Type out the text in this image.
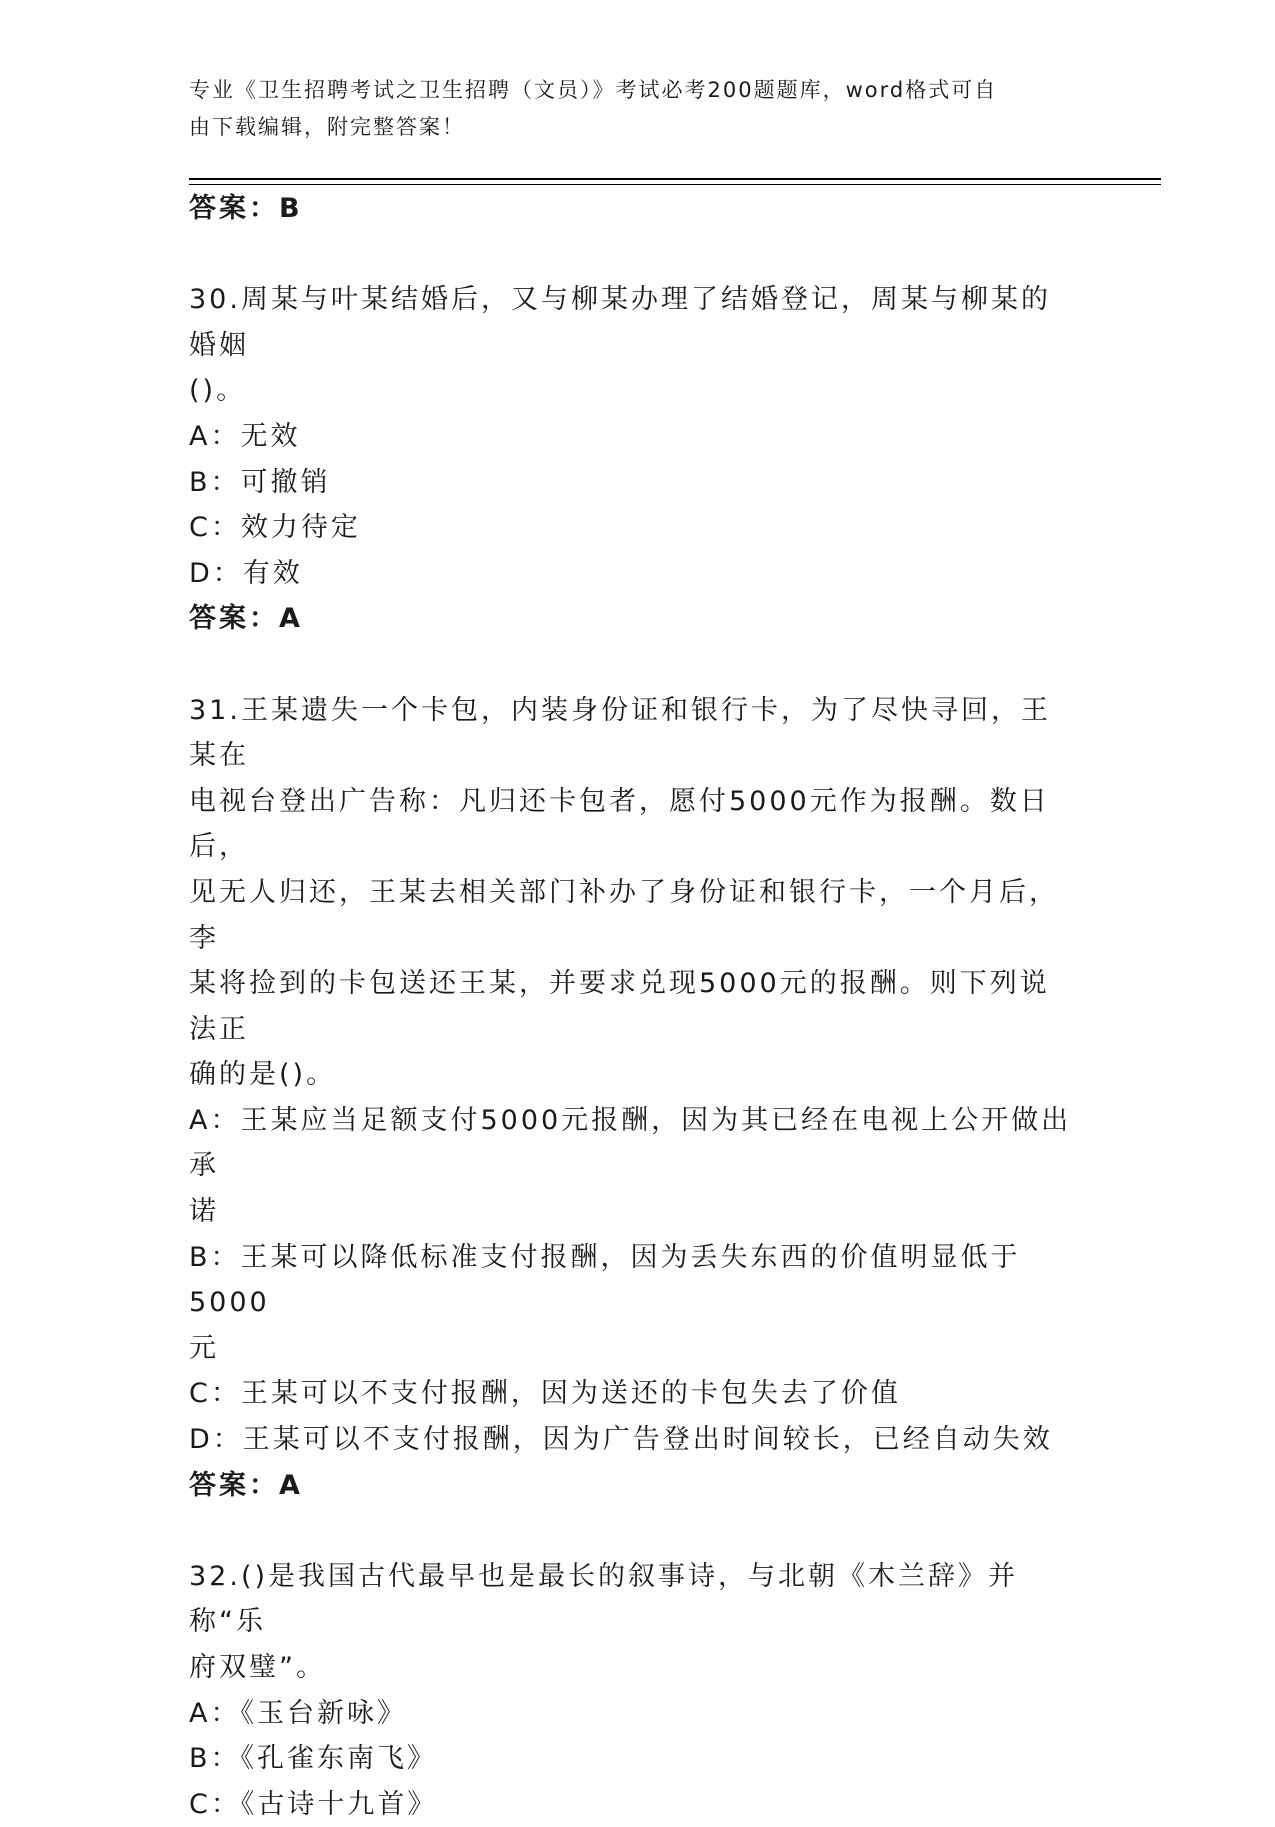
专业《卫生招聘考试之卫生招聘（文员）》考试必考200题题库，word格式可自

由下载编辑，附完整答案！

答案：B

30.周某与叶某结婚后，又与柳某办理了结婚登记，周某与柳某的婚姻

()。

A：无效

B：可撤销

C：效力待定

D：有效

答案：A

31.王某遗失一个卡包，内装身份证和银行卡，为了尽快寻回，王某在

电视台登出广告称：凡归还卡包者，愿付5000元作为报酬。数日后，

见无人归还，王某去相关部门补办了身份证和银行卡，一个月后，李

某将捡到的卡包送还王某，并要求兑现5000元的报酬。则下列说法正

确的是()。

A：王某应当足额支付5000元报酬，因为其已经在电视上公开做出承

诺

B：王某可以降低标准支付报酬，因为丢失东西的价值明显低于5000

元

C：王某可以不支付报酬，因为送还的卡包失去了价值

D：王某可以不支付报酬，因为广告登出时间较长，已经自动失效

答案：A

32.()是我国古代最早也是最长的叙事诗，与北朝《木兰辞》并称“乐

府双璧”。

A：《玉台新咏》

B：《孔雀东南飞》

C：《古诗十九首》
